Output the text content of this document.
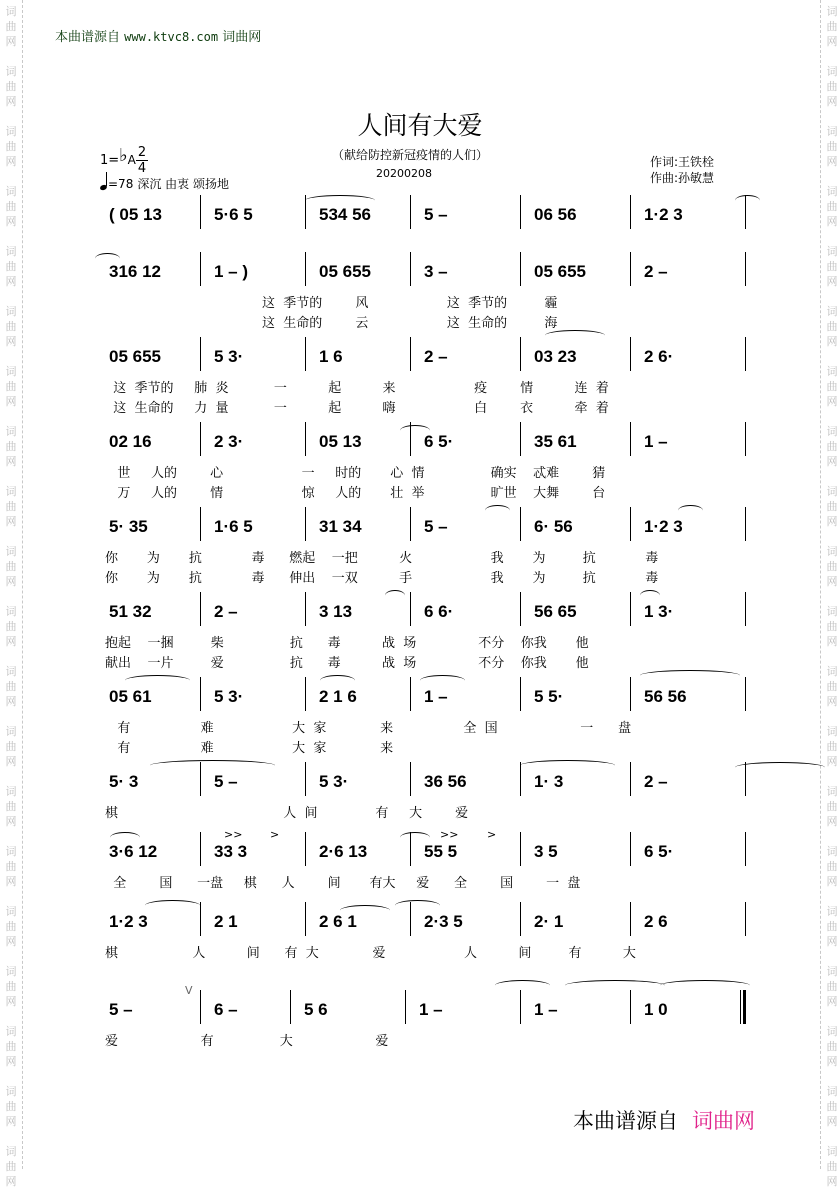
词
曲
网
词
曲
网
词
曲
网
词
曲
网
词
曲
网
词
曲
网
词
曲
网
词
曲
网
词
曲
网
词
曲
网
词
曲
网
词
曲
网
词
曲
网
词
曲
网
词
曲
网
词
曲
网
词
曲
网
词
曲
网
词
曲
网
词
曲
网
词
曲
网
词
曲
网
词
曲
网
词
曲
网
词
曲
网
词
曲
网
词
曲
网
词
曲
网
词
曲
网
词
曲
网
词
曲
网
词
曲
网
词
曲
网
词
曲
网
词
曲
网
词
曲
网
词
曲
网
词
曲
网
词
曲
网
词
曲
网
本曲谱源自 www.ktvc8.com 词曲网
人间有大爱
（献给防控新冠疫情的人们）
20200208
1=♭A 2
4
=78 深沉 由衷 颂扬地
作词:王铁栓
作曲:孙敏慧
( 05 13	5·6 5	534 56	5 –	06 56	1·2 3
316 12	1 – )	05 655	3 –	05 655	2 –
这  季节的        风                   这  季节的         霾
这  生命的        云                   这  生命的         海
05 655	5 3·	1 6	2 –	03 23	2 6·
这  季节的     肺  炎           一          起          来                   疫        情          连  着
这  生命的     力  量           一          起          嗨                   白        衣          牵  着
02 16	2 3·	05 13	6 5·	35 61	1 –
世     人的        心                   一     时的       心  情                确实    忒难        猜
万     人的        情                   惊     人的       壮  举                旷世    大舞        台
5· 35	1·6 5	31 34	5 –	6· 56	1·2 3
你       为       抗            毒      燃起    一把          火                   我       为         抗            毒
你       为       抗            毒      伸出    一双          手                   我       为         抗            毒
51 32	2 –	3 13	6 6·	56 65	1 3·
抱起    一捆         柴                抗      毒          战  场               不分    你我       他
献出    一片         爱                抗      毒          战  场               不分    你我       他
05 61	5 3·	2 1 6	1 –	5 5·	56 56
有                 难                   大  家             来                 全  国                    一      盘
有                 难                   大  家             来
5· 3	5 –	5 3·	36 56	1· 3	2 –
棋                                        人  间              有     大        爱
3·6 12	33 3	2·6 13	55 5	3 5	6 5·
全        国      一盘     棋      人        间       有大     爱      全        国        一  盘
1·2 3	2 1	2 6 1	2·3 5	2· 1	2 6
棋                  人          间      有  大             爱                   人          间         有          大
5 –	6 –	5 6	1 –	1 –	1 0
爱                    有                大                    爱
本曲谱源自 词曲网
>>	>	>>	>
V
